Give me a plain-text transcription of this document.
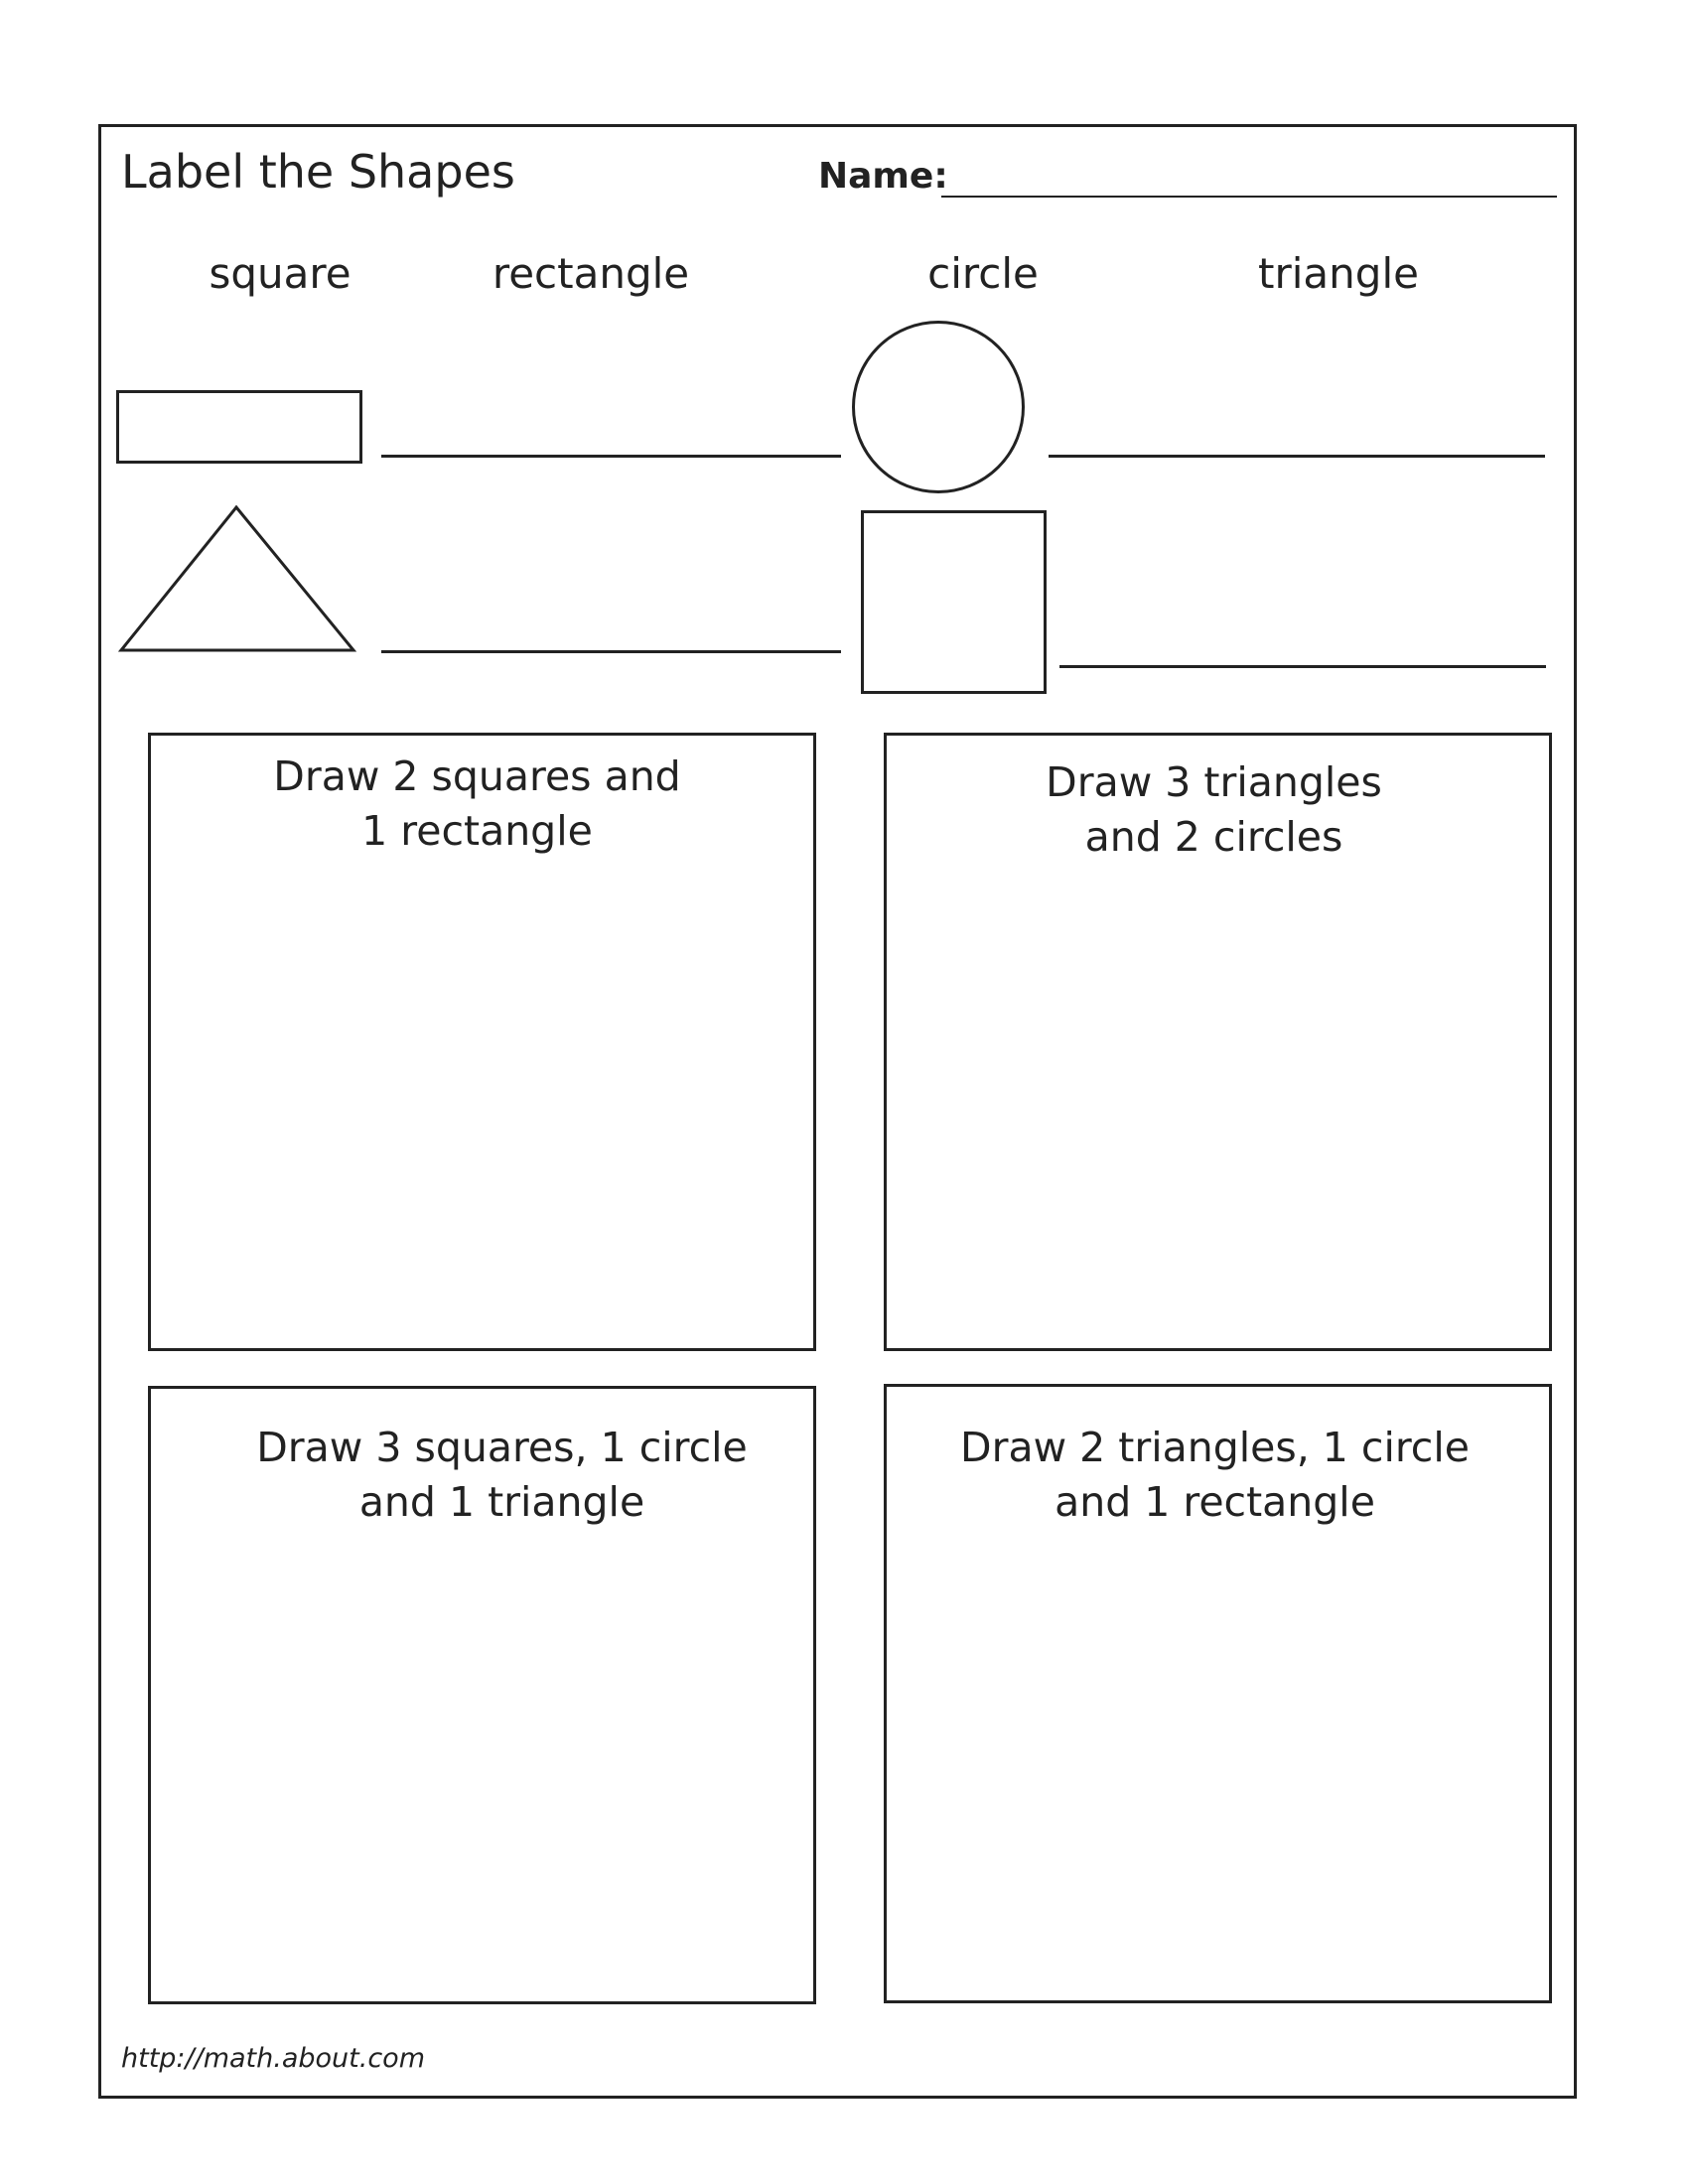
Label the Shapes	Name:
square	rectangle	circle	triangle
Draw 2 squares and
1 rectangle
Draw 3 triangles
and 2 circles
Draw 3 squares, 1 circle
and 1 triangle
Draw 2 triangles, 1 circle
and 1 rectangle
http://math.about.com
